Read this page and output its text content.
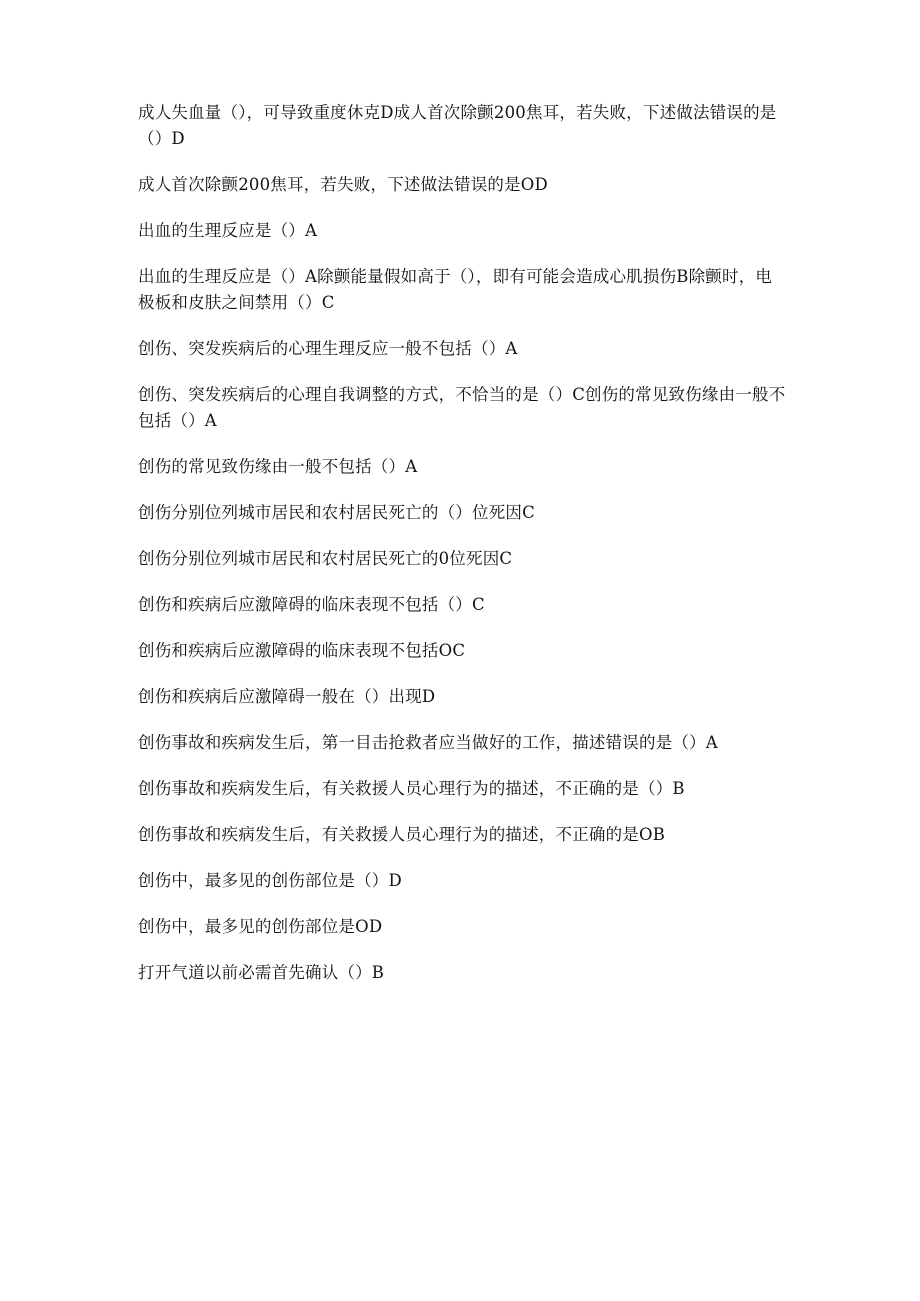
成人失血量（），可导致重度休克D成人首次除颤200焦耳，若失败，下述做法错误的是（）D

成人首次除颤200焦耳，若失败，下述做法错误的是OD

出血的生理反应是（）A

出血的生理反应是（）A除颤能量假如高于（），即有可能会造成心肌损伤B除颤时，电极板和皮肤之间禁用（）C

创伤、突发疾病后的心理生理反应一般不包括（）A

创伤、突发疾病后的心理自我调整的方式，不恰当的是（）C创伤的常见致伤缘由一般不包括（）A

创伤的常见致伤缘由一般不包括（）A

创伤分别位列城市居民和农村居民死亡的（）位死因C

创伤分别位列城市居民和农村居民死亡的0位死因C

创伤和疾病后应激障碍的临床表现不包括（）C

创伤和疾病后应激障碍的临床表现不包括OC

创伤和疾病后应激障碍一般在（）出现D

创伤事故和疾病发生后，第一目击抢救者应当做好的工作，描述错误的是（）A

创伤事故和疾病发生后，有关救援人员心理行为的描述，不正确的是（）B

创伤事故和疾病发生后，有关救援人员心理行为的描述，不正确的是OB

创伤中，最多见的创伤部位是（）D

创伤中，最多见的创伤部位是OD

打开气道以前必需首先确认（）B
